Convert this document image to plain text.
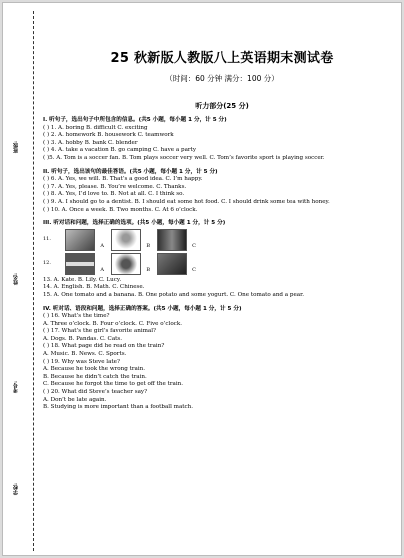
班级:
姓名:
考号:
学校:
25 秋新版人教版八上英语期末测试卷
（时间：60 分钟 满分：100 分）
听力部分(25 分)
I. 听句子，选出句子中所包含的信息。(共5 小题，每小题 1 分，计 5 分)
( ) 1. A. boring B. difficult C. exciting
( ) 2. A. homework B. housework C. teamwork
( ) 3. A. hobby B. bank C. blender
( ) 4. A. take a vacation B. go camping C. have a party
( )5. A. Tom is a soccer fan. B. Tom plays soccer very well. C. Tom’s favorite sport is playing soccer.
II. 听句子，选出该句的最佳答语。(共5 小题，每小题 1 分，计 5 分)
( ) 6. A. Yes, we will. B. That’s a good idea. C. I’m happy.
( ) 7. A. Yes, please. B. You’re welcome. C. Thanks.
( ) 8. A. Yes, I’d love to. B. Not at all. C. I think so.
( ) 9. A. I should go to a dentist. B. I should eat some hot food. C. I should drink some tea with honey.
( ) 10. A. Once a week. B. Two months. C. At 6 o’clock.
III. 听对话和问题，选择正确的选项。(共5 小题，每小题 1 分，计 5 分)
11.
A	B	C
12.
A	B	C
13. A. Kate. B. Lily. C. Lucy.
14. A. English. B. Math. C. Chinese.
15. A. One tomato and a banana. B. One potato and some yogurt. C. One tomato and a pear.
IV. 听对话、语段和问题，选择正确的答案。(共5 小题，每小题 1 分，计 5 分)
( ) 16. What’s the time?
A. Three o’clock. B. Four o’clock. C. Five o’clock.
( ) 17. What’s the girl’s favorite animal?
A. Dogs. B. Pandas. C. Cats.
( ) 18. What page did he read on the train?
A. Music. B. News. C. Sports.
( ) 19. Why was Steve late?
A. Because he took the wrong train.
B. Because he didn’t catch the train.
C. Because he forgot the time to get off the train.
( ) 20. What did Steve’s teacher say?
A. Don’t be late again.
B. Studying is more important than a football match.
